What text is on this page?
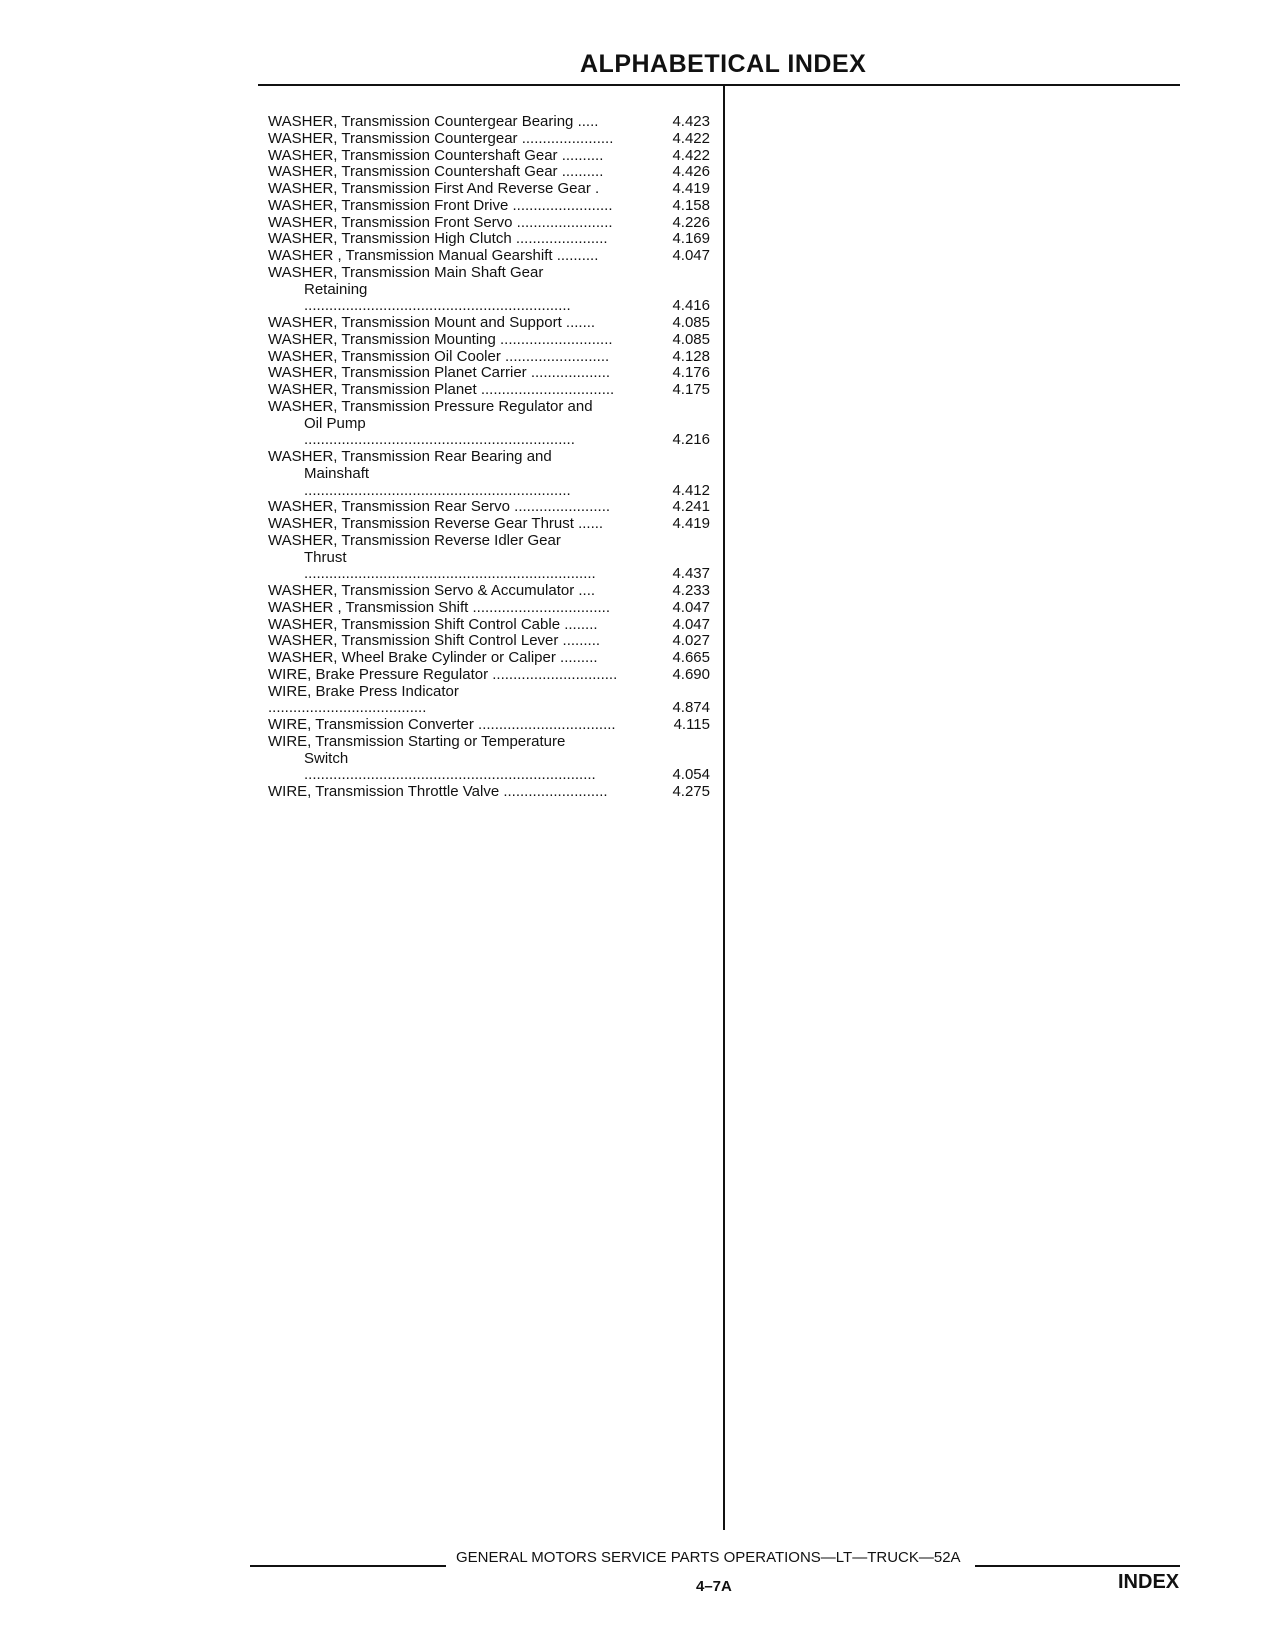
ALPHABETICAL INDEX
WASHER, Transmission Countergear Bearing .....	4.423
WASHER, Transmission Countergear ......................	4.422
WASHER, Transmission Countershaft Gear ..........	4.422
WASHER, Transmission Countershaft Gear ..........	4.426
WASHER, Transmission First And Reverse Gear .	4.419
WASHER, Transmission Front Drive ........................	4.158
WASHER, Transmission Front Servo .......................	4.226
WASHER, Transmission High Clutch ......................	4.169
WASHER , Transmission Manual Gearshift ..........	4.047
WASHER, Transmission Main Shaft Gear
Retaining ................................................................	4.416
WASHER, Transmission Mount and Support .......	4.085
WASHER, Transmission Mounting ...........................	4.085
WASHER, Transmission Oil Cooler .........................	4.128
WASHER, Transmission Planet Carrier ...................	4.176
WASHER, Transmission Planet ................................	4.175
WASHER, Transmission Pressure Regulator and
Oil Pump .................................................................	4.216
WASHER, Transmission Rear Bearing and
Mainshaft ................................................................	4.412
WASHER, Transmission Rear Servo .......................	4.241
WASHER, Transmission Reverse Gear Thrust ......	4.419
WASHER, Transmission Reverse Idler Gear
Thrust ......................................................................	4.437
WASHER, Transmission Servo & Accumulator ....	4.233
WASHER , Transmission Shift .................................	4.047
WASHER, Transmission Shift Control Cable ........	4.047
WASHER, Transmission Shift Control Lever .........	4.027
WASHER, Wheel Brake Cylinder or Caliper .........	4.665
WIRE, Brake Pressure Regulator ..............................	4.690
WIRE, Brake Press Indicator ......................................	4.874
WIRE, Transmission Converter .................................	4.115
WIRE, Transmission Starting or Temperature
Switch ......................................................................	4.054
WIRE, Transmission Throttle Valve .........................	4.275
GENERAL MOTORS SERVICE PARTS OPERATIONS—LT—TRUCK—52A
4–7A	INDEX
